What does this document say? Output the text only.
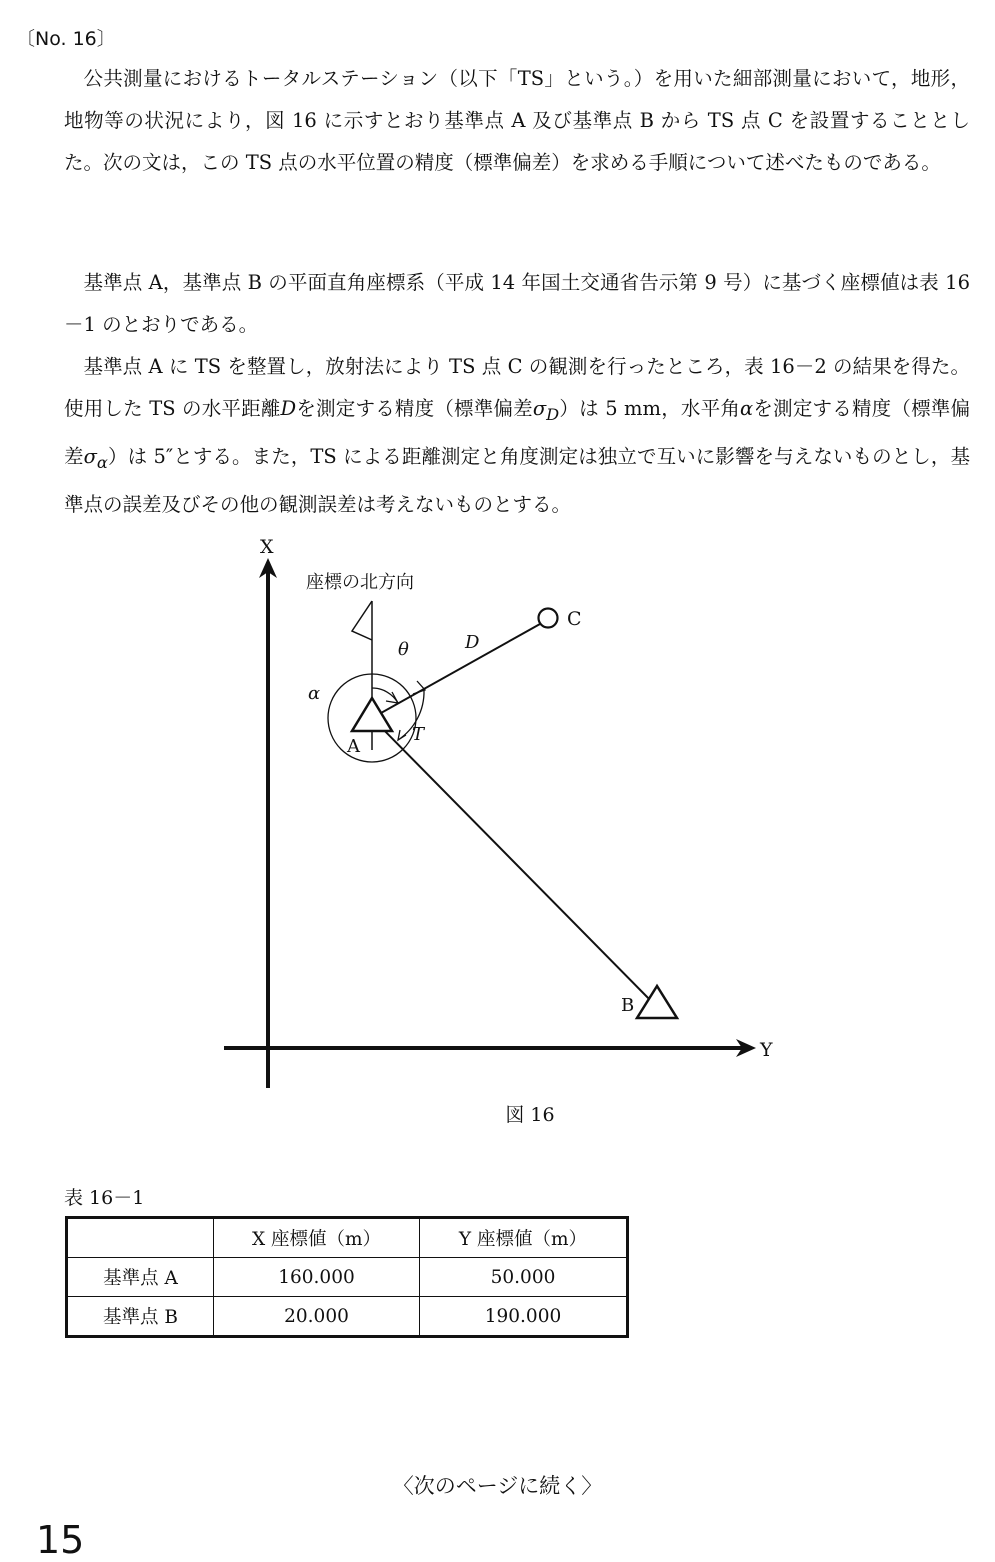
〔No. 16〕

公共測量におけるトータルステーション（以下「TS」という。）を用いた細部測量において，地形，地物等の状況により，図 16 に示すとおり基準点 A 及び基準点 B から TS 点 C を設置することとした。次の文は，この TS 点の水平位置の精度（標準偏差）を求める手順について述べたものである。

基準点 A，基準点 B の平面直角座標系（平成 14 年国土交通省告示第 9 号）に基づく座標値は表 16－1 のとおりである。

基準点 A に TS を整置し，放射法により TS 点 C の観測を行ったところ，表 16－2 の結果を得た。使用した TS の水平距離Dを測定する精度（標準偏差$\sigma_D$）は 5 mm，水平角αを測定する精度（標準偏差$\sigma_\alpha$）は 5″とする。また，TS による距離測定と角度測定は独立で互いに影響を与えないものとし，基準点の誤差及びその他の観測誤差は考えないものとする。

X
Y
座標の北方向
α
θ
T
D
C
A
B
図 16
表 16－1
	X 座標値（m）	Y 座標値（m）
基準点 A	160.000	50.000
基準点 B	20.000	190.000
〈次のページに続く〉
15
